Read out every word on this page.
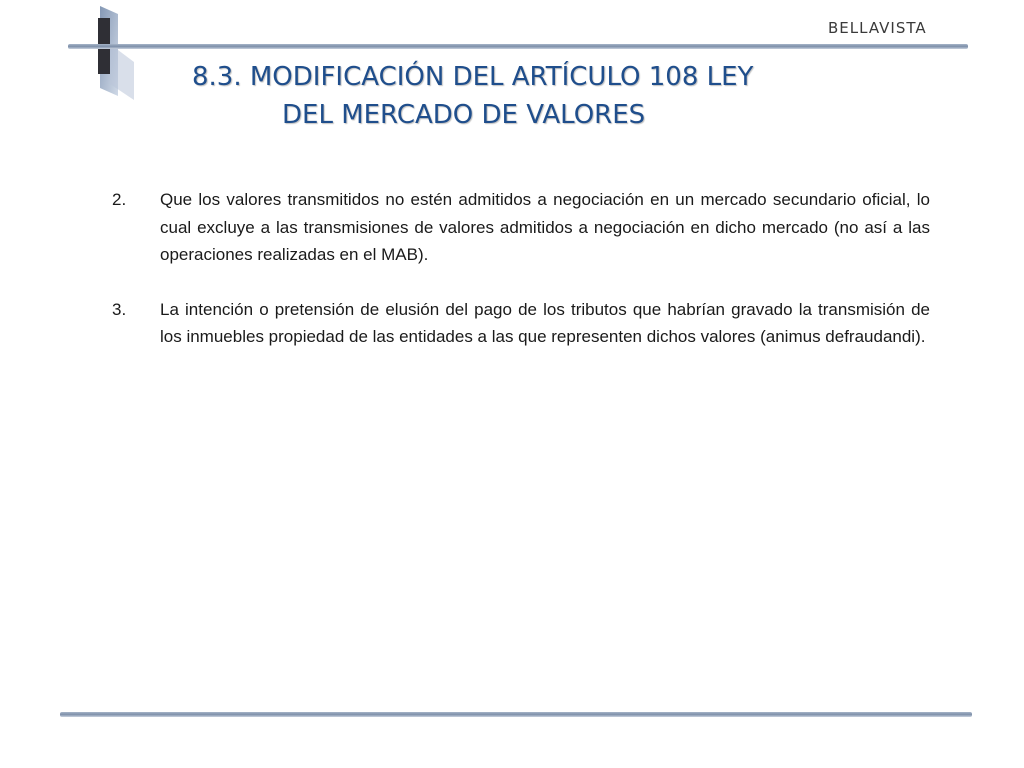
BELLAVISTA
8.3. MODIFICACIÓN DEL ARTÍCULO 108 LEY
DEL MERCADO DE VALORES
2. Que los valores transmitidos no estén admitidos a negociación en un mercado secundario oficial, lo cual excluye a las transmisiones de valores admitidos a negociación en dicho mercado (no así a las operaciones realizadas en el MAB).
3. La intención o pretensión de elusión del pago de los tributos que habrían gravado la transmisión de los inmuebles propiedad de las entidades a las que representen dichos valores (animus defraudandi).
